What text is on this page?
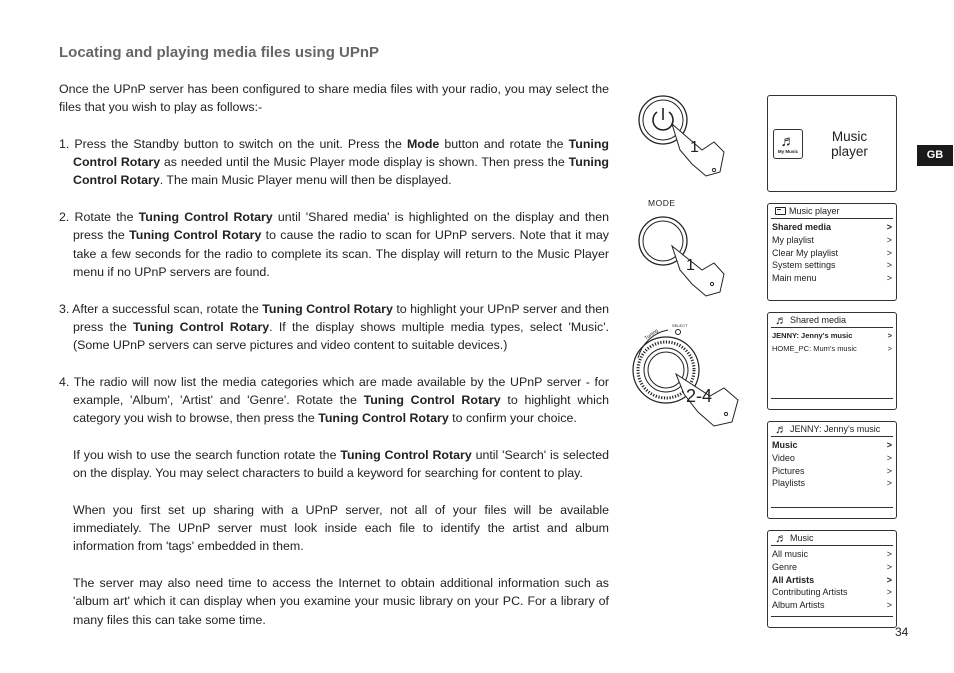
Locating and playing media files using UPnP

Once the UPnP server has been configured to share media files with your radio, you may select the files that you wish to play as follows:-

1. Press the Standby button to switch on the unit. Press the Mode button and rotate the Tuning Control Rotary as needed until the Music Player mode display is shown. Then press the Tuning Control Rotary. The main Music Player menu will then be displayed.

2. Rotate the Tuning Control Rotary until 'Shared media' is highlighted on the display and then press the Tuning Control Rotary to cause the radio to scan for UPnP servers. Note that it may take a few seconds for the radio to complete its scan. The display will return to the Music Player menu if no UPnP servers are found.

3. After a successful scan, rotate the Tuning Control Rotary to highlight your UPnP server and then press the Tuning Control Rotary. If the display shows multiple media types, select 'Music'. (Some UPnP servers can serve pictures and video content to suitable devices.)

4. The radio will now list the media categories which are made available by the UPnP server - for example, 'Album', 'Artist' and 'Genre'. Rotate the Tuning Control Rotary to highlight which category you wish to browse, then press the Tuning Control Rotary to confirm your choice.

If you wish to use the search function rotate the Tuning Control Rotary until 'Search' is selected on the display. You may select characters to build a keyword for searching for content to play.

When you first set up sharing with a UPnP server, not all of your files will be available immediately. The UPnP server must look inside each file to identify the artist and album information from 'tags' embedded in them.

The server may also need time to access the Internet to obtain additional information such as 'album art' which it can display when you examine your music library on your PC. For a library of many files this can take some time.

1
MODE
1
Tuning
SELECT
2-4
♬
My Music
Music
player
Music player
Shared media	>
My playlist	>
Clear My playlist	>
System settings	>
Main menu	>
♬ Shared media
JENNY: Jenny's music	>
HOME_PC: Mum's music	>
♬ JENNY: Jenny's music
Music	>
Video	>
Pictures	>
Playlists	>
♬ Music
All music	>
Genre	>
All Artists	>
Contributing Artists	>
Album Artists	>
GB
34
